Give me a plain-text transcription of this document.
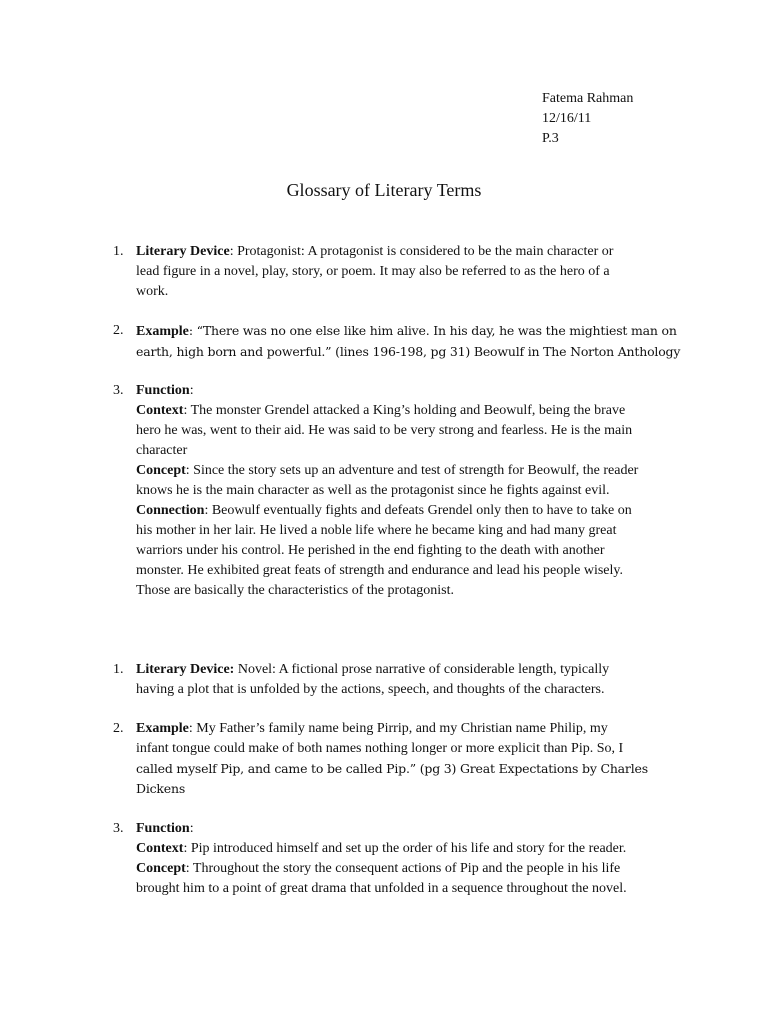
Fatema Rahman
12/16/11
P.3
Glossary of Literary Terms
1. Literary Device: Protagonist: A protagonist is considered to be the main character or

lead figure in a novel, play, story, or poem. It may also be referred to as the hero of a

work.

2. Example: “There was no one else like him alive. In his day, he was the mightiest man on

earth, high born and powerful.” (lines 196-198, pg 31) Beowulf in The Norton Anthology

3. Function:

Context: The monster Grendel attacked a King’s holding and Beowulf, being the brave

hero he was, went to their aid. He was said to be very strong and fearless. He is the main

character

Concept: Since the story sets up an adventure and test of strength for Beowulf, the reader

knows he is the main character as well as the protagonist since he fights against evil.

Connection: Beowulf eventually fights and defeats Grendel only then to have to take on

his mother in her lair. He lived a noble life where he became king and had many great

warriors under his control. He perished in the end fighting to the death with another

monster. He exhibited great feats of strength and endurance and lead his people wisely.

Those are basically the characteristics of the protagonist.

1. Literary Device: Novel: A fictional prose narrative of considerable length, typically

having a plot that is unfolded by the actions, speech, and thoughts of the characters.

2. Example: My Father’s family name being Pirrip, and my Christian name Philip, my

infant tongue could make of both names nothing longer or more explicit than Pip. So, I

called myself Pip, and came to be called Pip.” (pg 3) Great Expectations by Charles

Dickens

3. Function:

Context: Pip introduced himself and set up the order of his life and story for the reader.

Concept: Throughout the story the consequent actions of Pip and the people in his life

brought him to a point of great drama that unfolded in a sequence throughout the novel.
